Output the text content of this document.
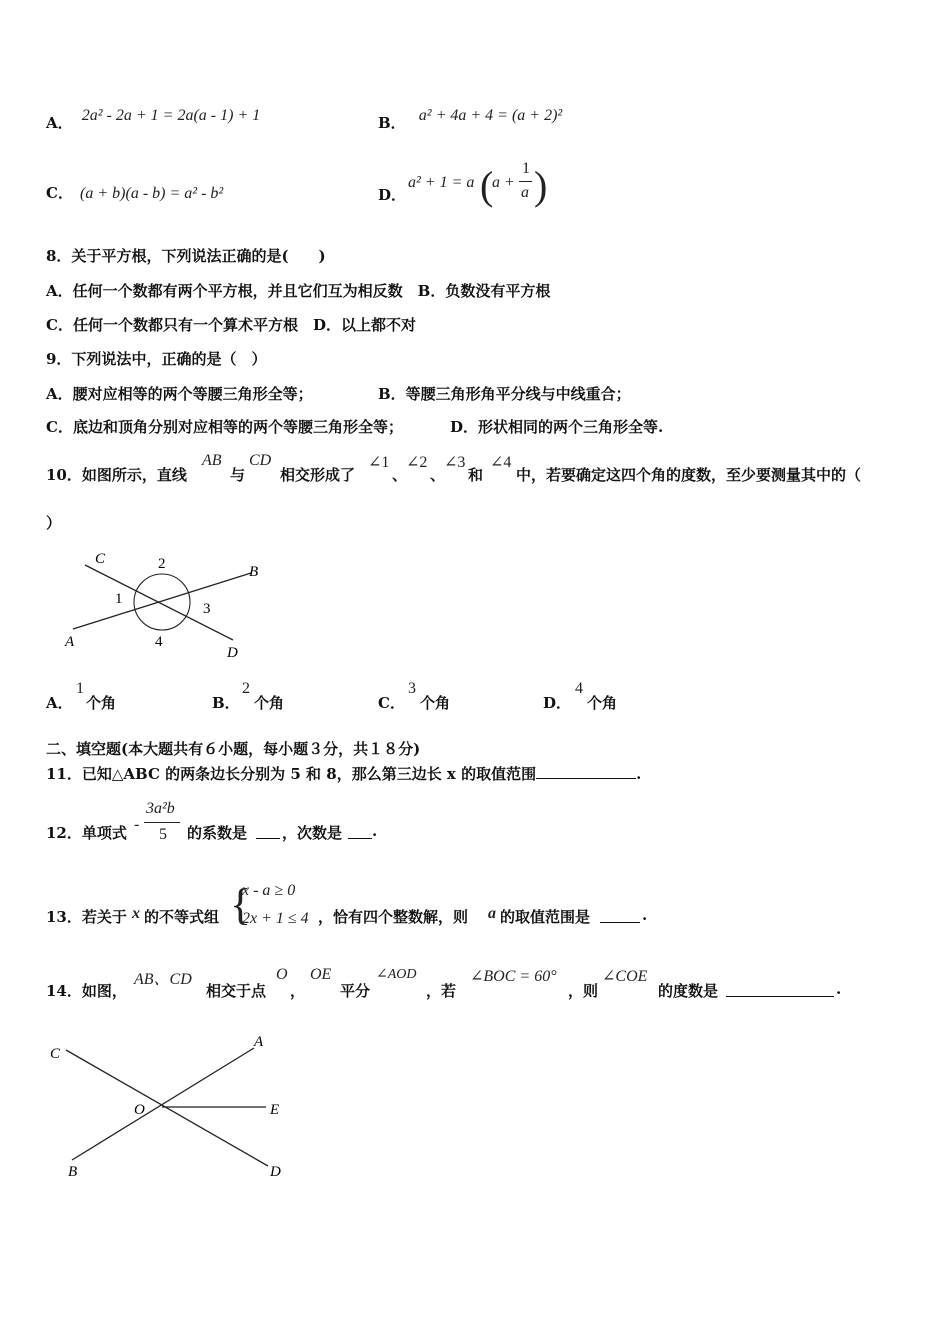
A． 2a² - 2a + 1 = 2a(a - 1) + 1	B． a² + 4a + 4 = (a + 2)²
C． (a + b)(a - b) = a² - b²	D．
a² + 1 = a (
a +
1
a )
8．关于平方根，下列说法正确的是(　　)
A．任何一个数都有两个平方根，并且它们互为相反数　B．负数没有平方根
C．任何一个数都只有一个算术平方根　D．以上都不对
9．下列说法中，正确的是（　）
A．腰对应相等的两个等腰三角形全等；	B．等腰三角形角平分线与中线重合；
C．底边和顶角分别对应相等的两个等腰三角形全等；	D．形状相同的两个三角形全等.
10．如图所示，直线
AB
与
CD
相交形成了
∠1
、
∠2
、
∠3
和
∠4
中，若要确定这四个角的度数，至少要测量其中的（
）
C	2	B
1
3
A	4
D
A．
1
个角	B．
2
个角	C．
3
个角	D．
4
个角
二、填空题(本大题共有６小题，每小题３分，共１８分)
11．已知△ABC 的两条边长分别为 5 和 8，那么第三边长 x 的取值范围	.
12．单项式 -
3a²b
5 的系数是 ，次数是 .
13．若关于 x 的不等式组 {
x - a ≥ 0
2x + 1 ≤ 4 ，恰有四个整数解，则 a 的取值范围是	.
14．如图，
AB、CD
相交于点
O
，
OE
平分
∠AOD
，若
∠BOC = 60°
，则
∠COE
的度数是	.
C
A
O	E
B	D
